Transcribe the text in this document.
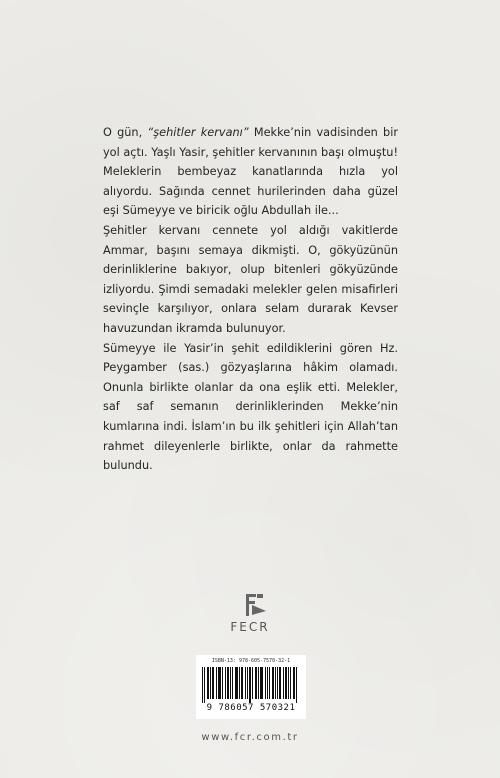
O gün, “şehitler kervanı” Mekke’nin vadisinden bir yol açtı. Yaşlı Yasir, şehitler kervanının başı olmuştu! Meleklerin bembeyaz kanatlarında hızla yol alıyordu. Sağında cennet hurilerinden daha güzel eşi Sümeyye ve biricik oğlu Abdullah ile...

Şehitler kervanı cennete yol aldığı vakitlerde Ammar, başını semaya dikmişti. O, gökyüzünün derinliklerine bakıyor, olup bitenleri gökyüzünde izliyordu. Şimdi semadaki melekler gelen misafirleri sevinçle karşılıyor, onlara selam durarak Kevser havuzundan ikramda bulunuyor.

Sümeyye ile Yasir’in şehit edildiklerini gören Hz. Peygamber (sas.) gözyaşlarına hâkim olamadı. Onunla birlikte olanlar da ona eşlik etti. Melekler, saf saf semanın derinliklerinden Mekke’nin kumlarına indi. İslam’ın bu ilk şehitleri için Allah’tan rahmet dileyenlerle birlikte, onlar da rahmette bulundu.

FECR
ISBN-13: 978-605-7570-32-1
9 786057 570321
www.fcr.com.tr
